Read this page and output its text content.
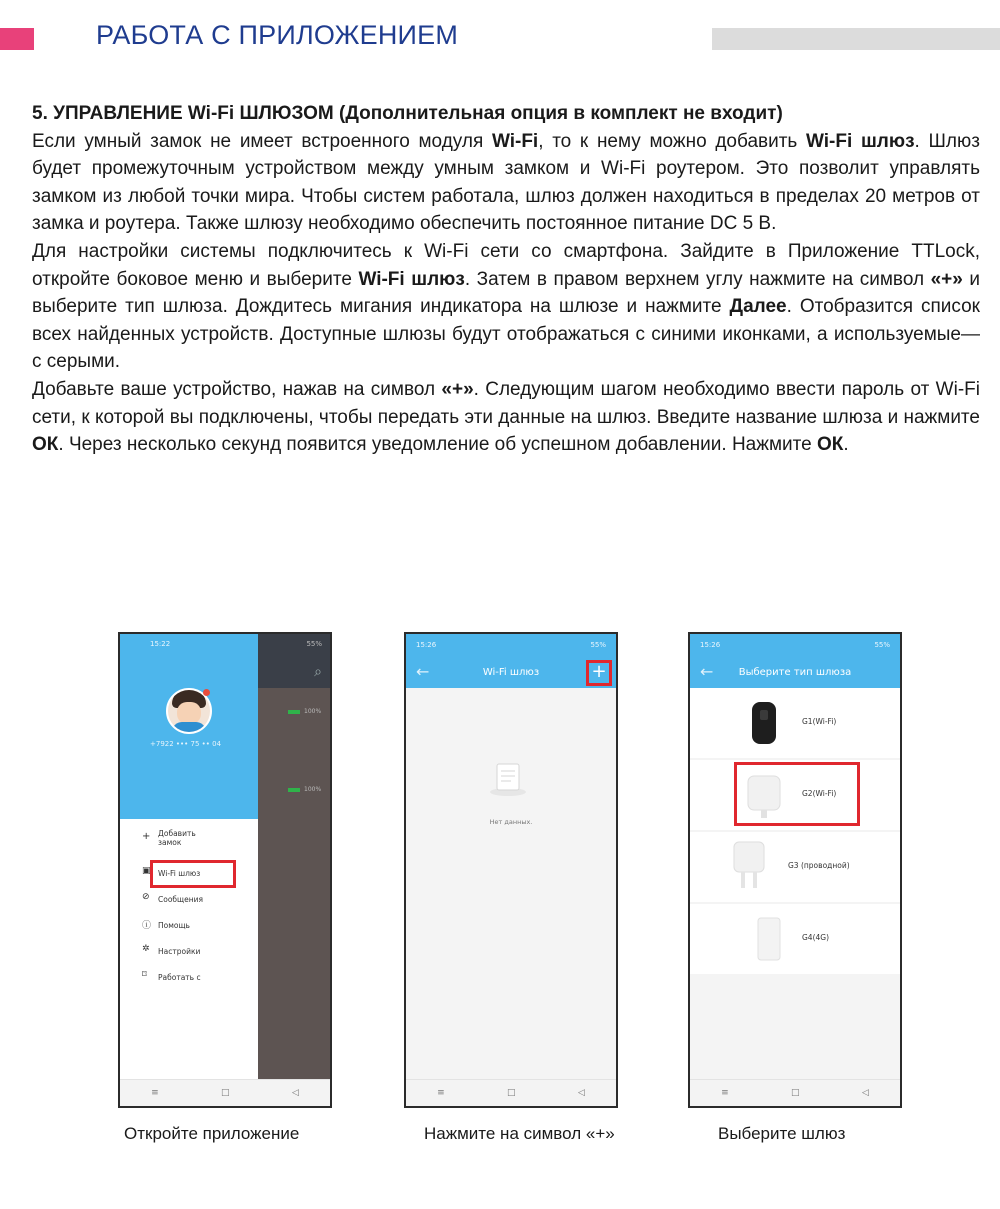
РАБОТА С ПРИЛОЖЕНИЕМ

5. УПРАВЛЕНИЕ Wi-Fi ШЛЮЗОМ (Дополнительная опция в комплект не входит)

Если умный замок не имеет встроенного модуля Wi-Fi, то к нему можно добавить Wi-Fi шлюз. Шлюз будет промежуточным устройством между умным замком и Wi-Fi роутером. Это позволит управлять замком из любой точки мира. Чтобы систем работала, шлюз должен находиться в пределах 20 метров от замка и роутера. Также шлюзу необходимо обеспечить постоянное питание DC 5 В.

Для настройки системы подключитесь к Wi-Fi сети со смартфона. Зайдите в Приложение TTLock, откройте боковое меню и выберите Wi-Fi шлюз. Затем в правом верхнем углу нажмите на символ «+» и выберите тип шлюза. Дождитесь мигания индикатора на шлюзе и нажмите Далее. Отобразится список всех найденных устройств. Доступные шлюзы будут отображаться с синими иконками, а используемые— с серыми.

Добавьте ваше устройство, нажав на символ «+». Следующим шагом необходимо ввести пароль от Wi-Fi сети, к которой вы подключены, чтобы передать эти данные на шлюз. Введите название шлюза и нажмите ОК. Через несколько секунд появится уведомление об успешном добавлении. Нажмите ОК.

15:22	55%
⌕
100%
100%
+7922 ••• 75 •• 04
+ Добавить замок
▣ Wi-Fi шлюз
⊘ Сообщения
ⓘ Помощь
✲ Настройки
⌑ Работать с
≡	□	◁
15:26	55%
←	Wi-Fi шлюз	+
Нет данных.
≡	□	◁
15:26	55%
←	Выберите тип шлюза
G1(Wi-Fi)
G2(Wi-Fi)
G3 (проводной)
G4(4G)
≡	□	◁
Откройте приложение	Нажмите на символ «+»	Выберите шлюз
